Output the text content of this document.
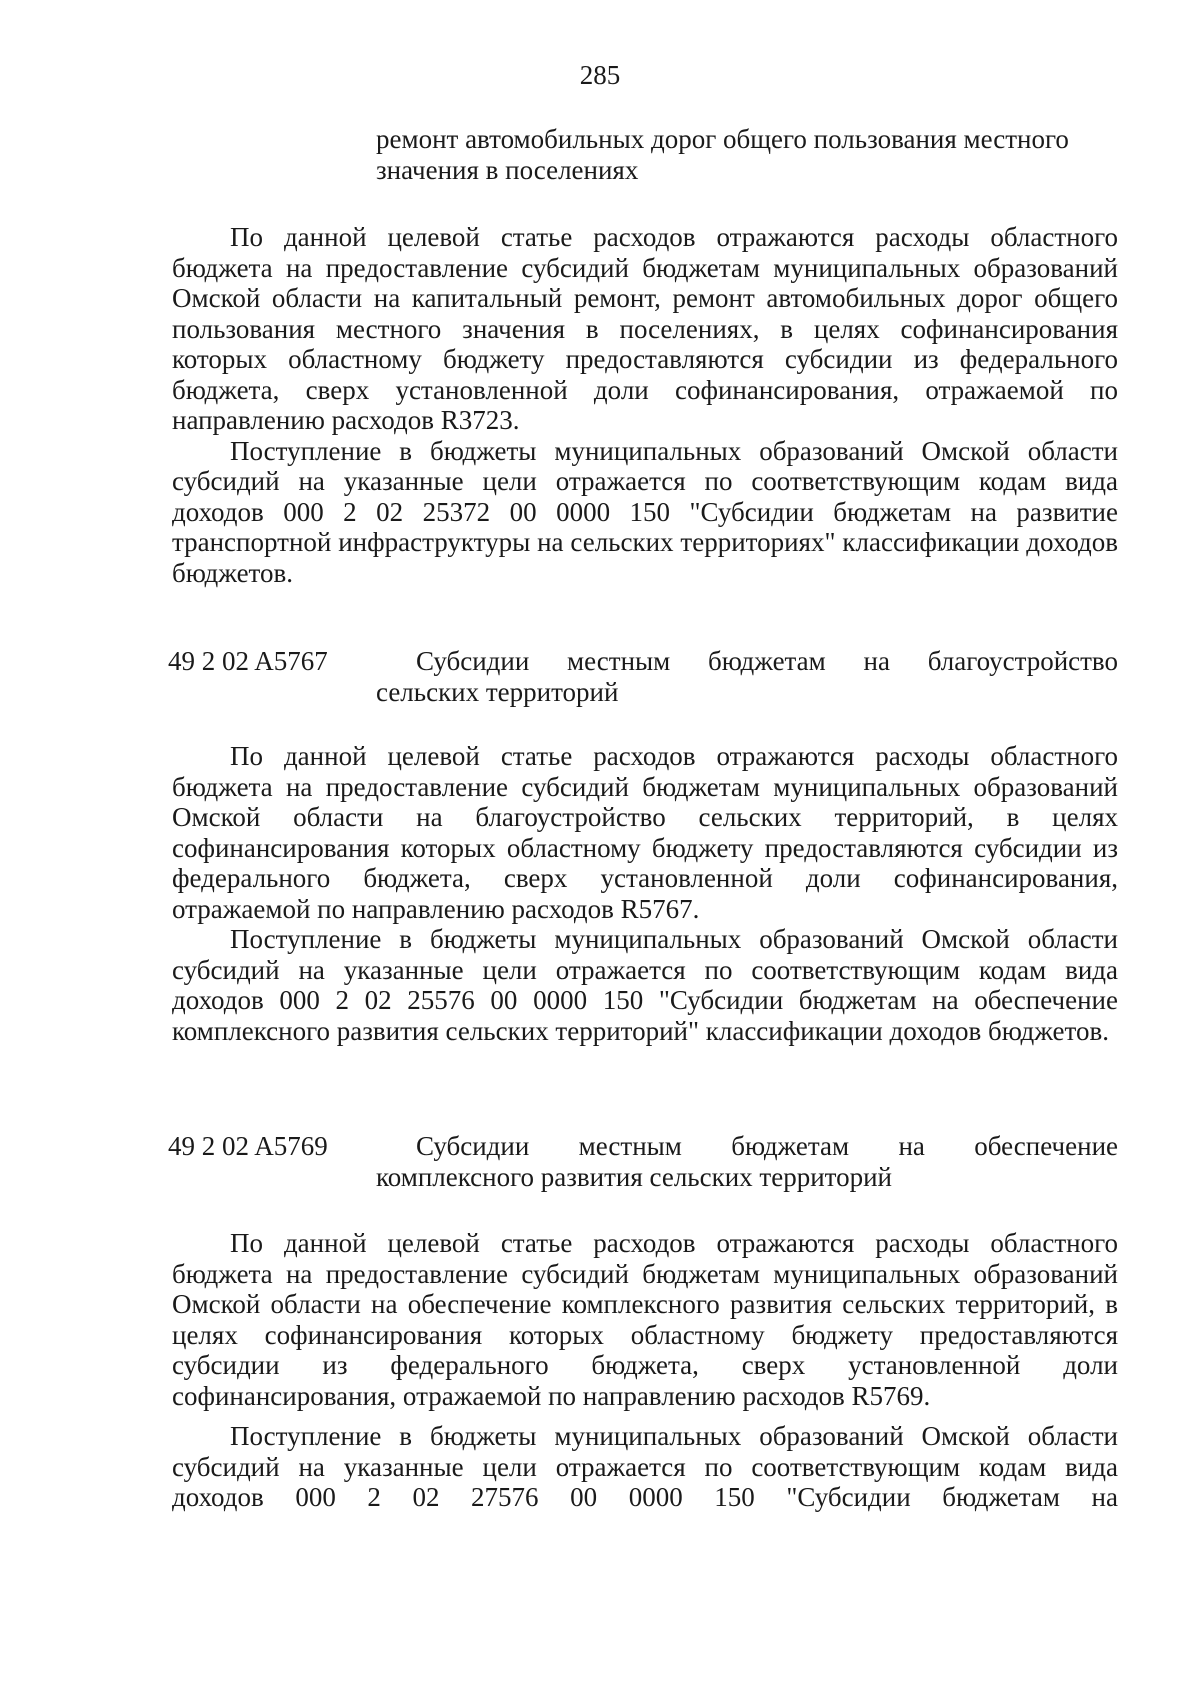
285
ремонт автомобильных дорог общего пользования местного значения в поселениях

По данной целевой статье расходов отражаются расходы областного бюджета на предоставление субсидий бюджетам муниципальных образований Омской области на капитальный ремонт, ремонт автомобильных дорог общего пользования местного значения в поселениях, в целях софинансирования которых областному бюджету предоставляются субсидии из федерального бюджета, сверх установленной доли софинансирования, отражаемой по направлению расходов R3723.

Поступление в бюджеты муниципальных образований Омской области субсидий на указанные цели отражается по соответствующим кодам вида доходов 000 2 02 25372 00 0000 150 "Субсидии бюджетам на развитие транспортной инфраструктуры на сельских территориях" классификации доходов бюджетов.

49 2 02 A5767	Субсидии местным бюджетам на благоустройство
сельских территорий

По данной целевой статье расходов отражаются расходы областного бюджета на предоставление субсидий бюджетам муниципальных образований Омской области на благоустройство сельских территорий, в целях софинансирования которых областному бюджету предоставляются субсидии из федерального бюджета, сверх установленной доли софинансирования, отражаемой по направлению расходов R5767.

Поступление в бюджеты муниципальных образований Омской области субсидий на указанные цели отражается по соответствующим кодам вида доходов 000 2 02 25576 00 0000 150 "Субсидии бюджетам на обеспечение комплексного развития сельских территорий" классификации доходов бюджетов.

49 2 02 A5769	Субсидии местным бюджетам на обеспечение
комплексного развития сельских территорий

По данной целевой статье расходов отражаются расходы областного бюджета на предоставление субсидий бюджетам муниципальных образований Омской области на обеспечение комплексного развития сельских территорий, в целях софинансирования которых областному бюджету предоставляются субсидии из федерального бюджета, сверх установленной доли софинансирования, отражаемой по направлению расходов R5769.

Поступление в бюджеты муниципальных образований Омской области субсидий на указанные цели отражается по соответствующим кодам вида доходов 000 2 02 27576 00 0000 150 "Субсидии бюджетам на
